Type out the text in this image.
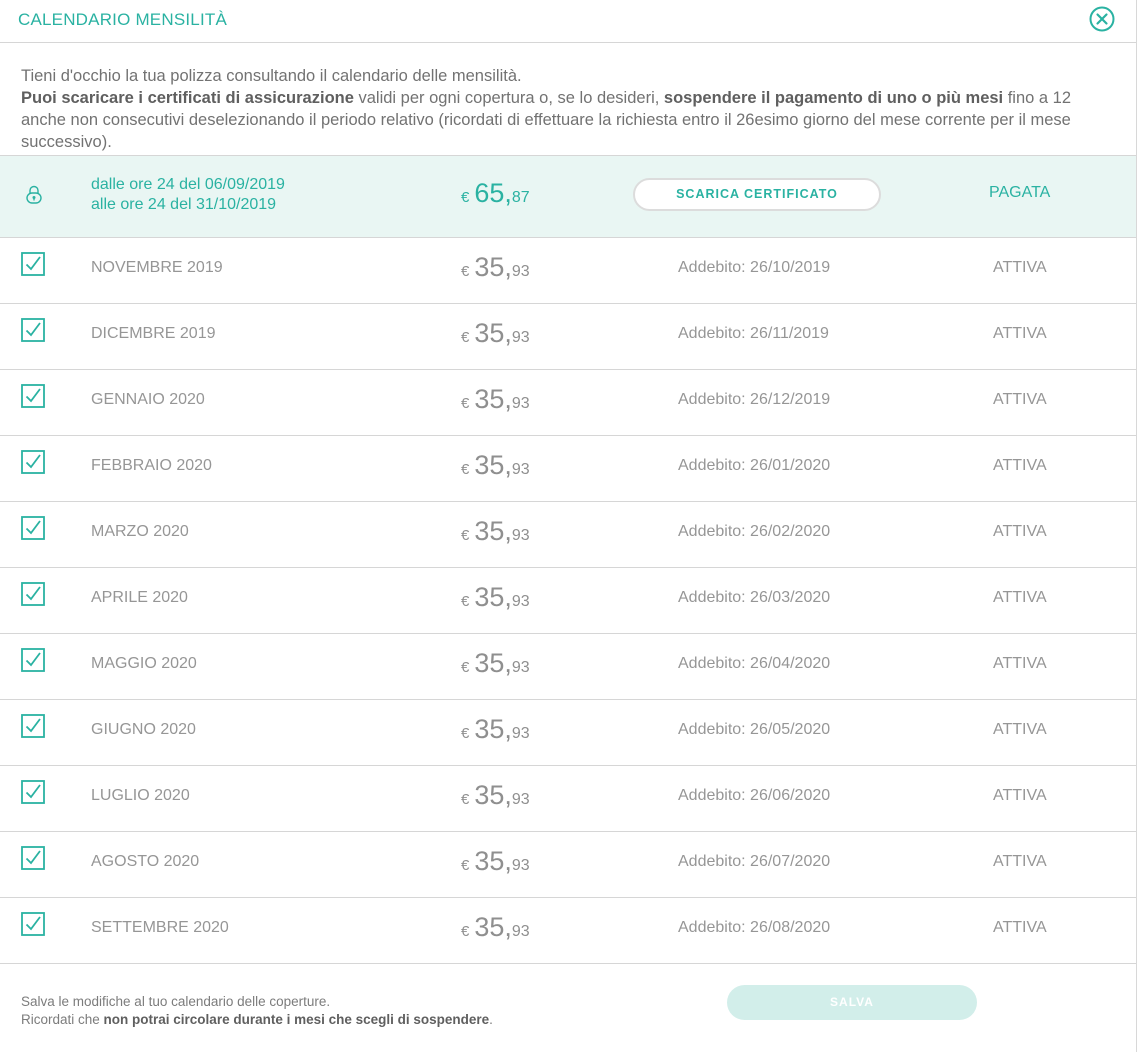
CALENDARIO MENSILITÀ
Tieni d'occhio la tua polizza consultando il calendario delle mensilità.
Puoi scaricare i certificati di assicurazione validi per ogni copertura o, se lo desideri, sospendere il pagamento di uno o più mesi fino a 12 anche non consecutivi deselezionando il periodo relativo (ricordati di effettuare la richiesta entro il 26esimo giorno del mese corrente per il mese successivo).
dalle ore 24 del 06/09/2019
alle ore 24 del 31/10/2019	€ 65,87	SCARICA CERTIFICATO	PAGATA
NOVEMBRE 2019	€ 35,93	Addebito: 26/10/2019	ATTIVA
DICEMBRE 2019	€ 35,93	Addebito: 26/11/2019	ATTIVA
GENNAIO 2020	€ 35,93	Addebito: 26/12/2019	ATTIVA
FEBBRAIO 2020	€ 35,93	Addebito: 26/01/2020	ATTIVA
MARZO 2020	€ 35,93	Addebito: 26/02/2020	ATTIVA
APRILE 2020	€ 35,93	Addebito: 26/03/2020	ATTIVA
MAGGIO 2020	€ 35,93	Addebito: 26/04/2020	ATTIVA
GIUGNO 2020	€ 35,93	Addebito: 26/05/2020	ATTIVA
LUGLIO 2020	€ 35,93	Addebito: 26/06/2020	ATTIVA
AGOSTO 2020	€ 35,93	Addebito: 26/07/2020	ATTIVA
SETTEMBRE 2020	€ 35,93	Addebito: 26/08/2020	ATTIVA
Salva le modifiche al tuo calendario delle coperture.
Ricordati che non potrai circolare durante i mesi che scegli di sospendere.
SALVA
